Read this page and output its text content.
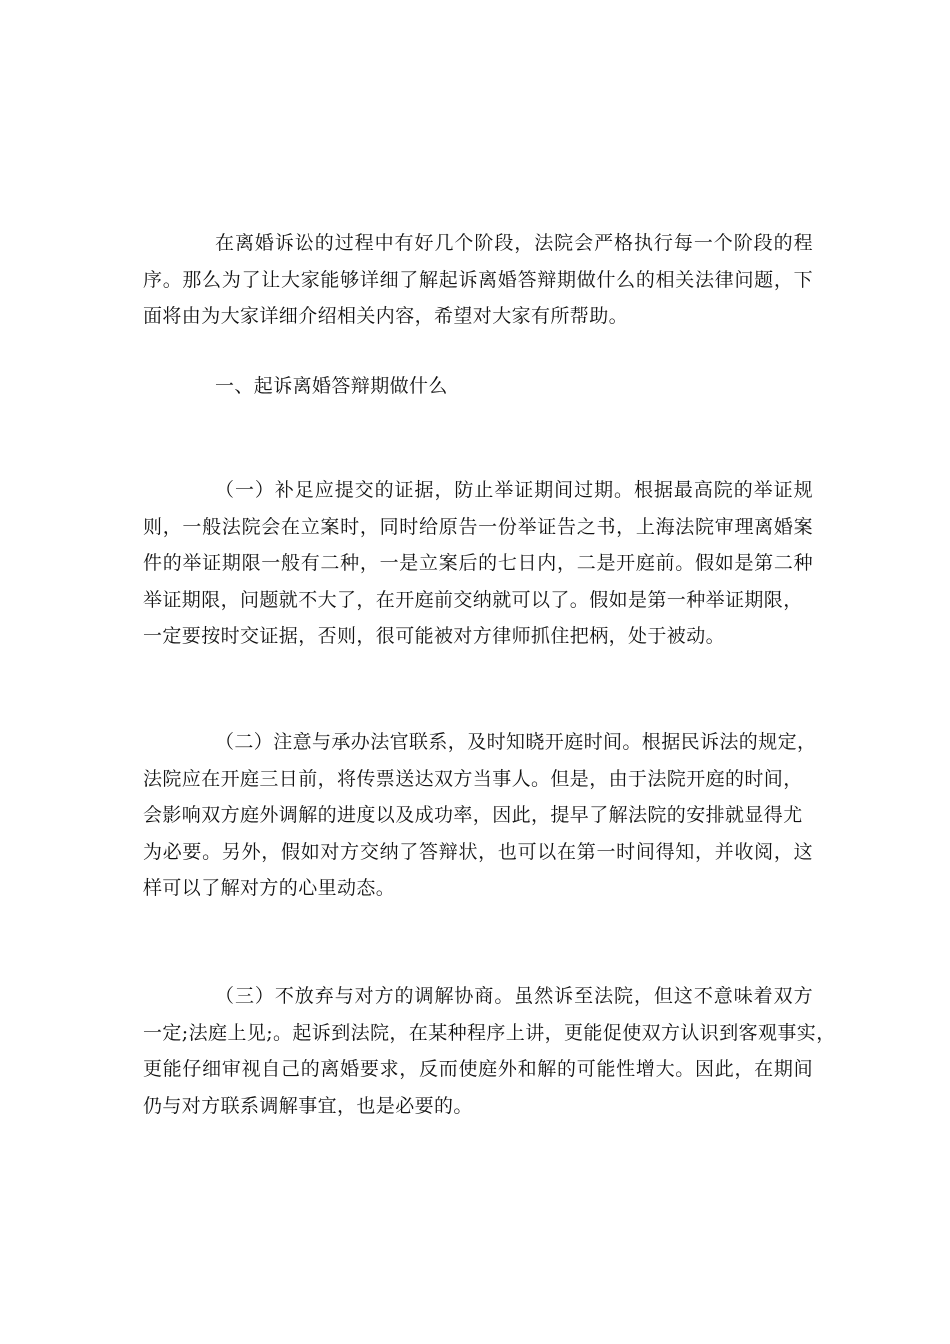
在离婚诉讼的过程中有好几个阶段，法院会严格执行每一个阶段的程
序。那么为了让大家能够详细了解起诉离婚答辩期做什么的相关法律问题，下
面将由为大家详细介绍相关内容，希望对大家有所帮助。
一、起诉离婚答辩期做什么
（一）补足应提交的证据，防止举证期间过期。根据最高院的举证规
则，一般法院会在立案时，同时给原告一份举证告之书，上海法院审理离婚案
件的举证期限一般有二种，一是立案后的七日内，二是开庭前。假如是第二种
举证期限，问题就不大了，在开庭前交纳就可以了。假如是第一种举证期限，
一定要按时交证据，否则，很可能被对方律师抓住把柄，处于被动。
（二）注意与承办法官联系，及时知晓开庭时间。根据民诉法的规定，
法院应在开庭三日前，将传票送达双方当事人。但是，由于法院开庭的时间，
会影响双方庭外调解的进度以及成功率，因此，提早了解法院的安排就显得尤
为必要。另外，假如对方交纳了答辩状，也可以在第一时间得知，并收阅，这
样可以了解对方的心里动态。
（三）不放弃与对方的调解协商。虽然诉至法院，但这不意味着双方
一定;法庭上见;。起诉到法院，在某种程序上讲，更能促使双方认识到客观事实，
更能仔细审视自己的离婚要求，反而使庭外和解的可能性增大。因此，在期间
仍与对方联系调解事宜，也是必要的。
